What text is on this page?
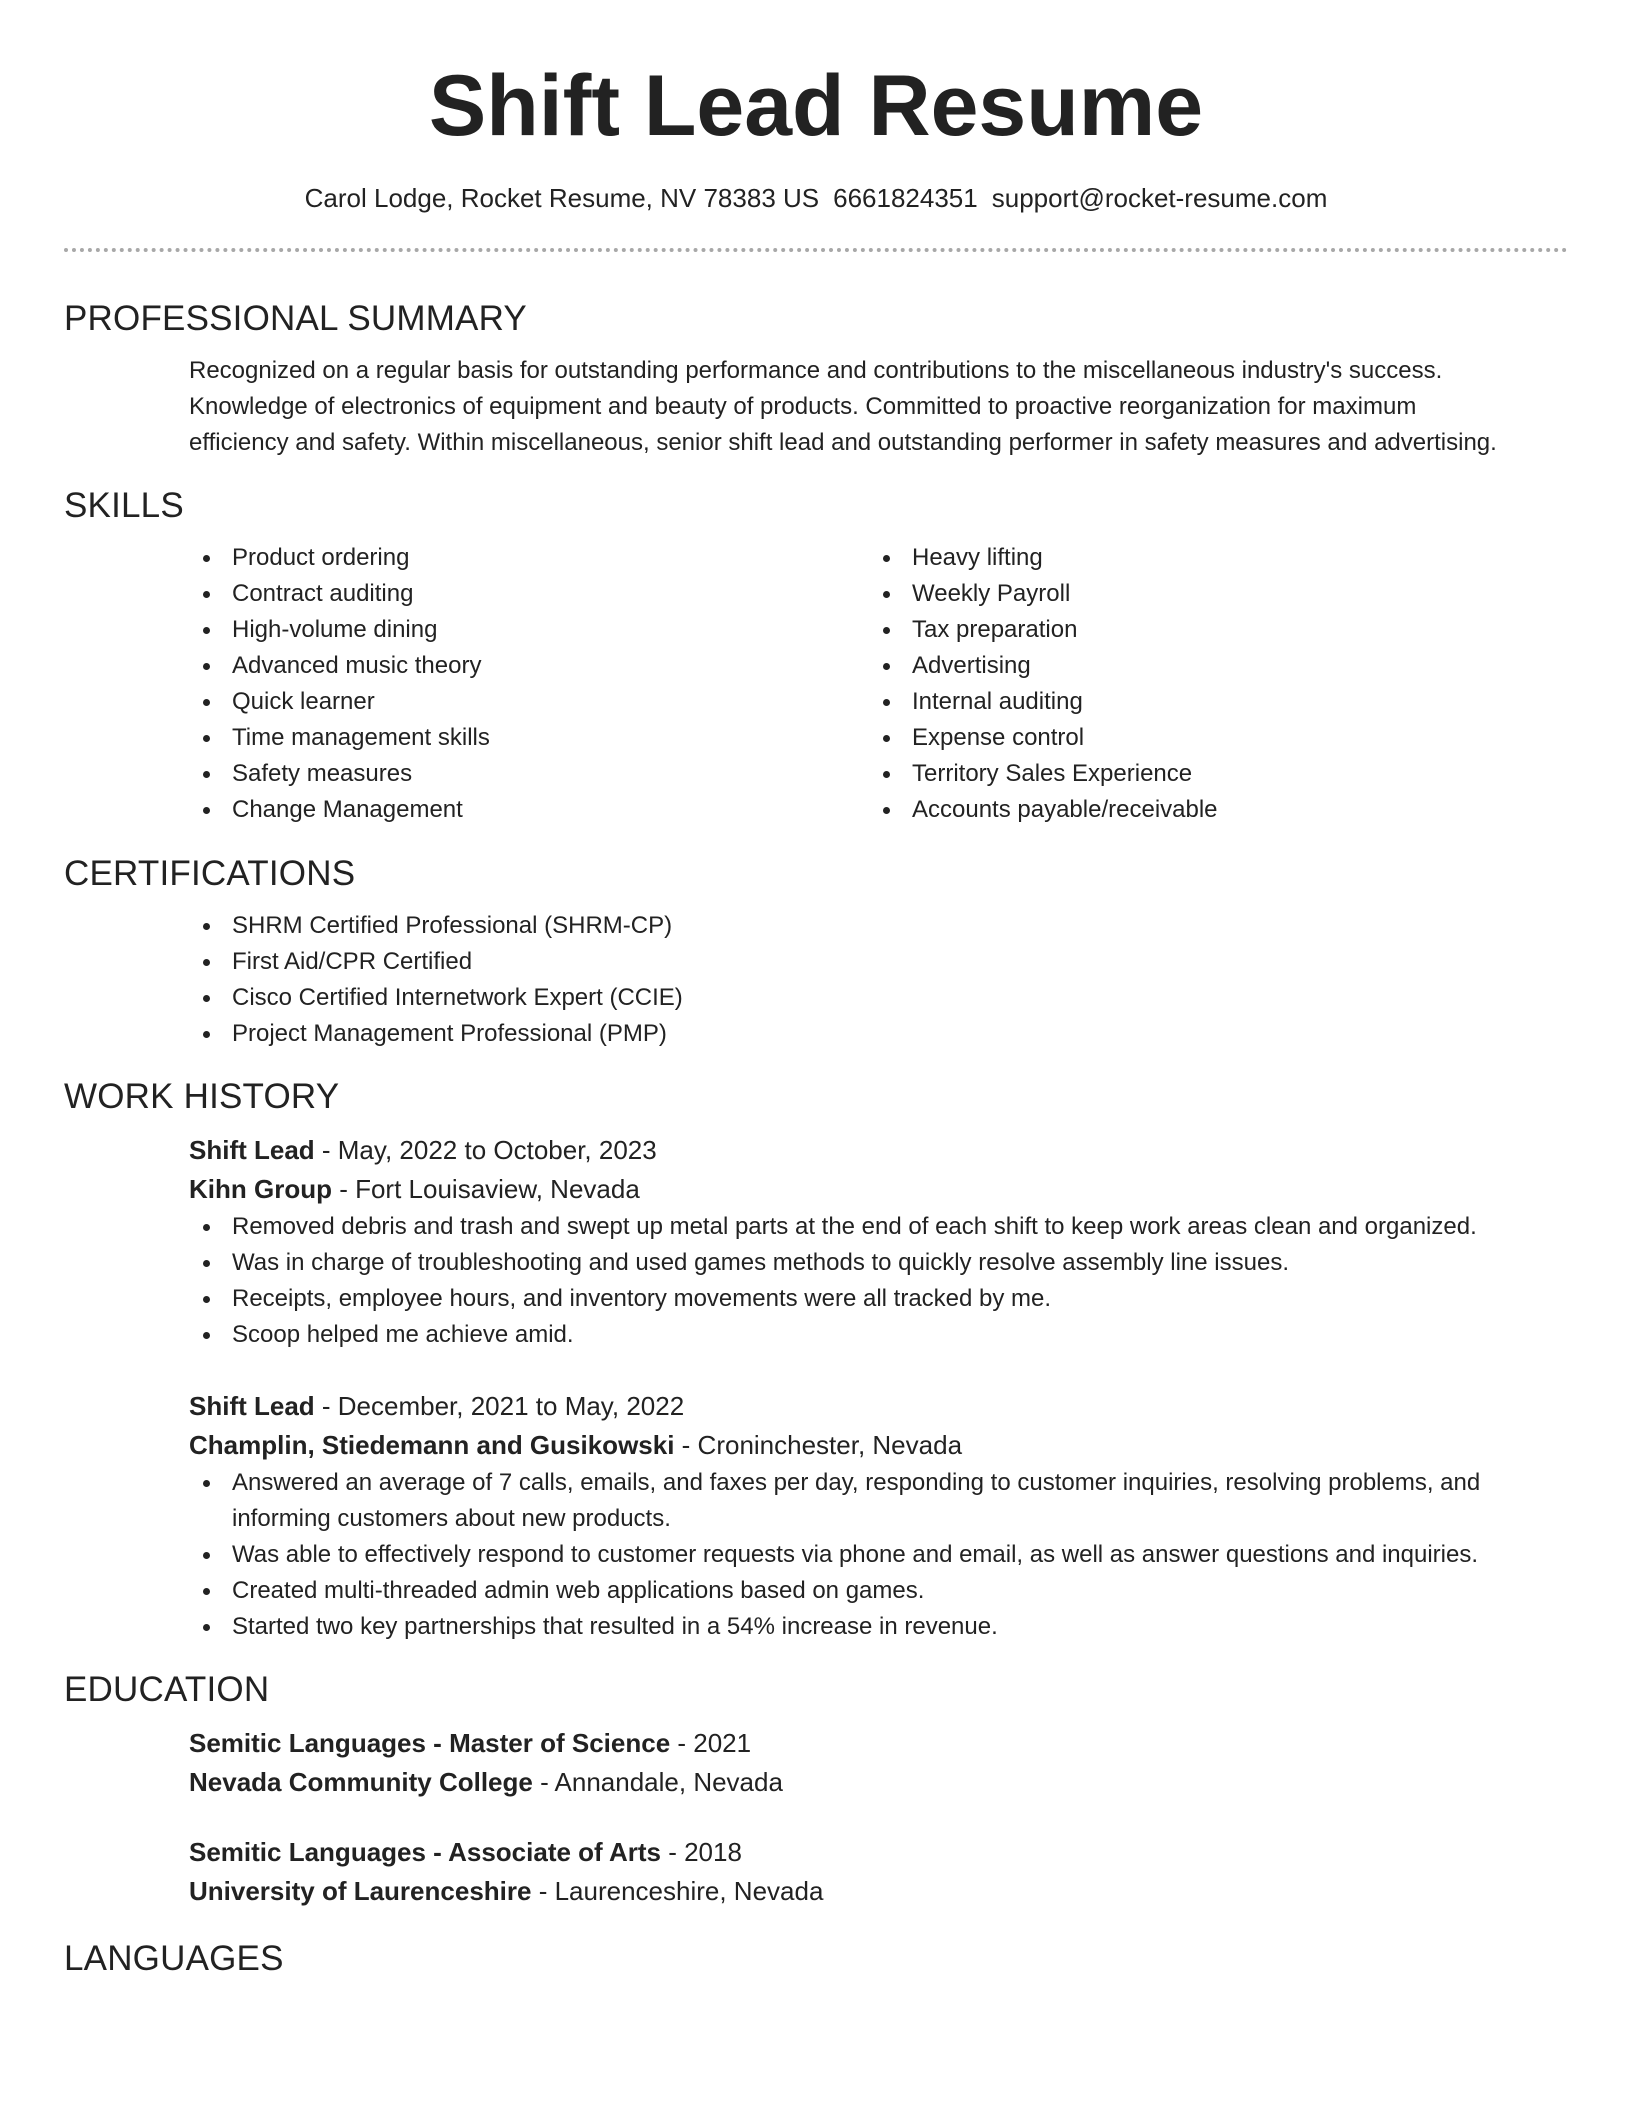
Shift Lead Resume
Carol Lodge, Rocket Resume, NV 78383 US 6661824351 support@rocket-resume.com
PROFESSIONAL SUMMARY

Recognized on a regular basis for outstanding performance and contributions to the miscellaneous industry's success.

Knowledge of electronics of equipment and beauty of products. Committed to proactive reorganization for maximum

efficiency and safety. Within miscellaneous, senior shift lead and outstanding performer in safety measures and advertising.

SKILLS
Product ordering
Contract auditing
High-volume dining
Advanced music theory
Quick learner
Time management skills
Safety measures
Change Management
Heavy lifting
Weekly Payroll
Tax preparation
Advertising
Internal auditing
Expense control
Territory Sales Experience
Accounts payable/receivable
CERTIFICATIONS
SHRM Certified Professional (SHRM-CP)
First Aid/CPR Certified
Cisco Certified Internetwork Expert (CCIE)
Project Management Professional (PMP)
WORK HISTORY
Shift Lead - May, 2022 to October, 2023
Kihn Group - Fort Louisaview, Nevada
Removed debris and trash and swept up metal parts at the end of each shift to keep work areas clean and organized.
Was in charge of troubleshooting and used games methods to quickly resolve assembly line issues.
Receipts, employee hours, and inventory movements were all tracked by me.
Scoop helped me achieve amid.
Shift Lead - December, 2021 to May, 2022
Champlin, Stiedemann and Gusikowski - Croninchester, Nevada
Answered an average of 7 calls, emails, and faxes per day, responding to customer inquiries, resolving problems, and
informing customers about new products.
Was able to effectively respond to customer requests via phone and email, as well as answer questions and inquiries.
Created multi-threaded admin web applications based on games.
Started two key partnerships that resulted in a 54% increase in revenue.
EDUCATION
Semitic Languages - Master of Science - 2021
Nevada Community College - Annandale, Nevada
Semitic Languages - Associate of Arts - 2018
University of Laurenceshire - Laurenceshire, Nevada
LANGUAGES
